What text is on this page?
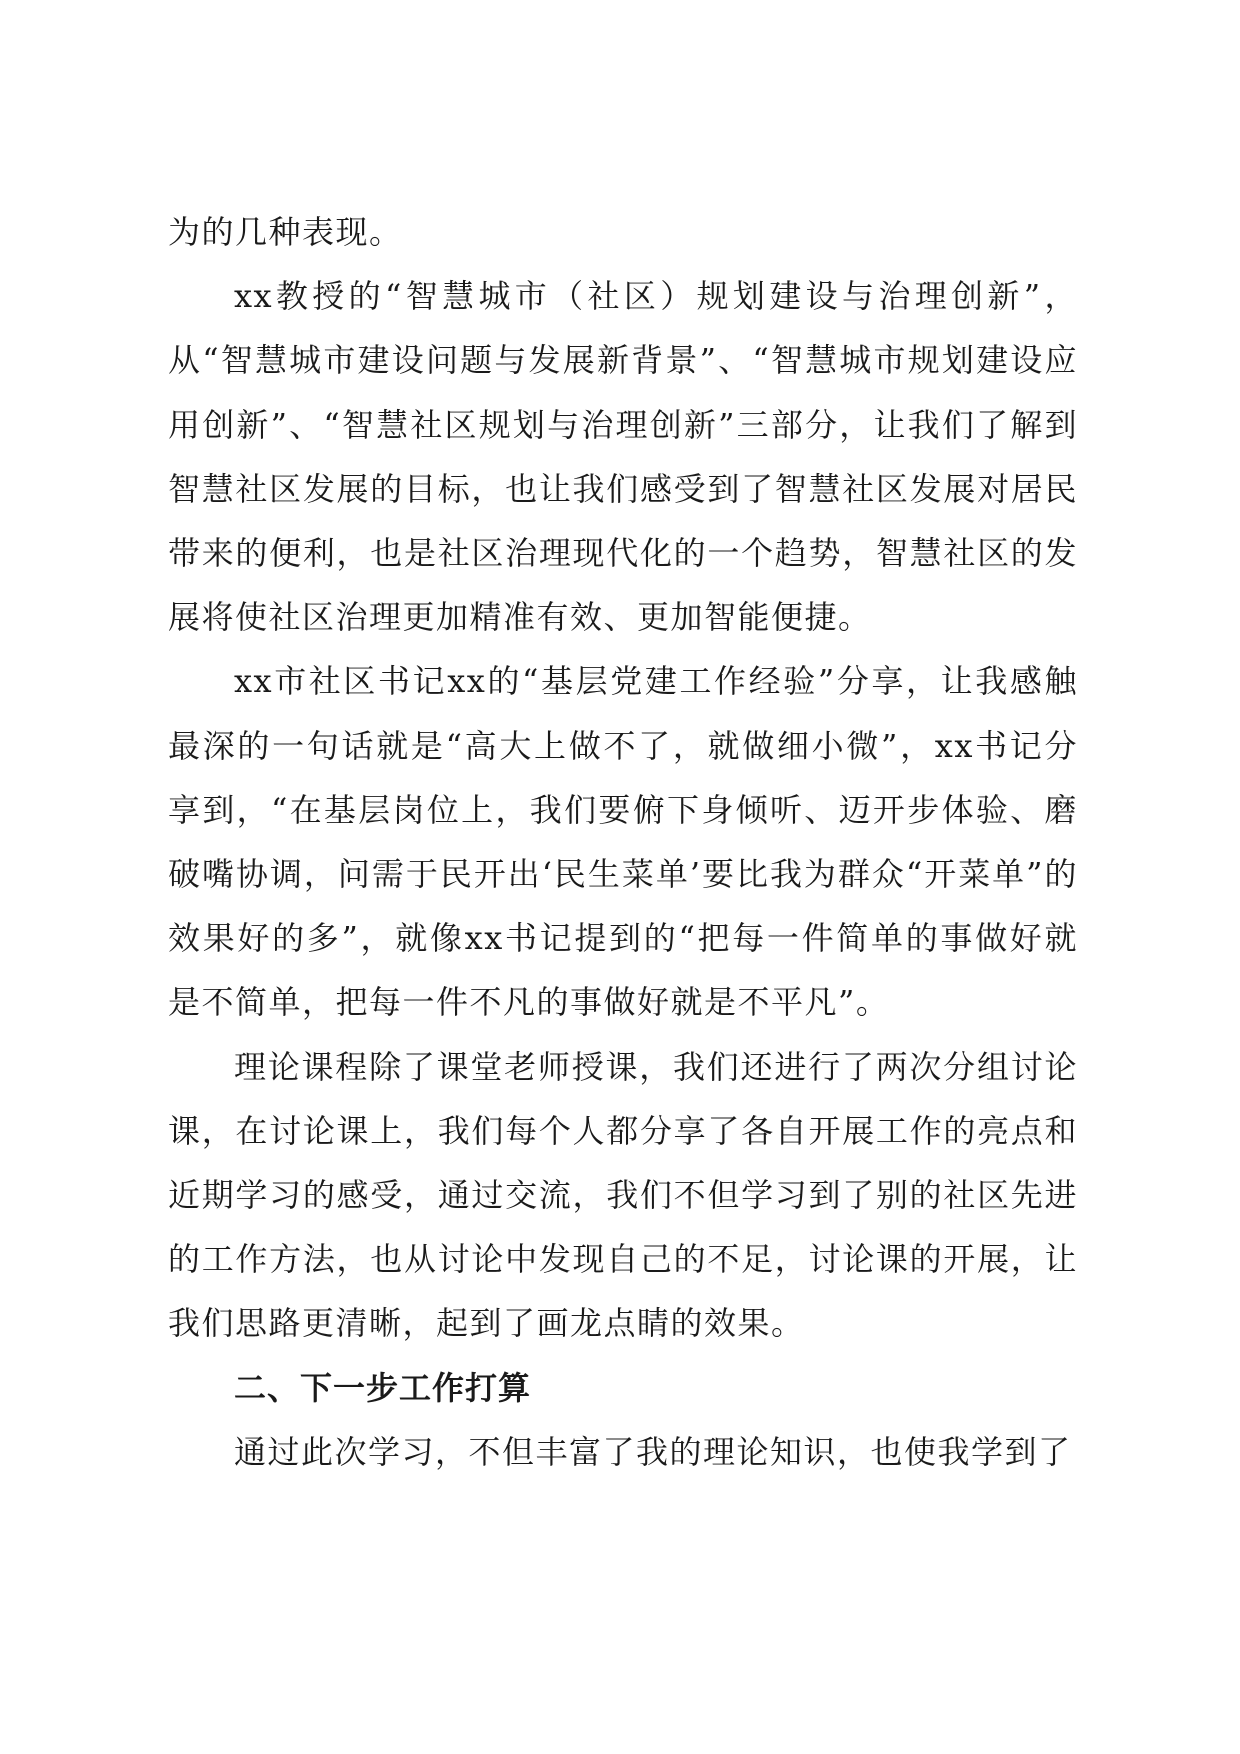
为的几种表现。

xx教授的“智慧城市（社区）规划建设与治理创新”，从“智慧城市建设问题与发展新背景”、“智慧城市规划建设应用创新”、“智慧社区规划与治理创新”三部分，让我们了解到智慧社区发展的目标，也让我们感受到了智慧社区发展对居民带来的便利，也是社区治理现代化的一个趋势，智慧社区的发展将使社区治理更加精准有效、更加智能便捷。

xx市社区书记xx的“基层党建工作经验”分享，让我感触最深的一句话就是“高大上做不了，就做细小微”，xx书记分享到，“在基层岗位上，我们要俯下身倾听、迈开步体验、磨破嘴协调，问需于民开出‘民生菜单’要比我为群众“开菜单”的效果好的多”，就像xx书记提到的“把每一件简单的事做好就是不简单，把每一件不凡的事做好就是不平凡”。

理论课程除了课堂老师授课，我们还进行了两次分组讨论课，在讨论课上，我们每个人都分享了各自开展工作的亮点和近期学习的感受，通过交流，我们不但学习到了别的社区先进的工作方法，也从讨论中发现自己的不足，讨论课的开展，让我们思路更清晰，起到了画龙点睛的效果。

二、下一步工作打算

通过此次学习，不但丰富了我的理论知识，也使我学到了
